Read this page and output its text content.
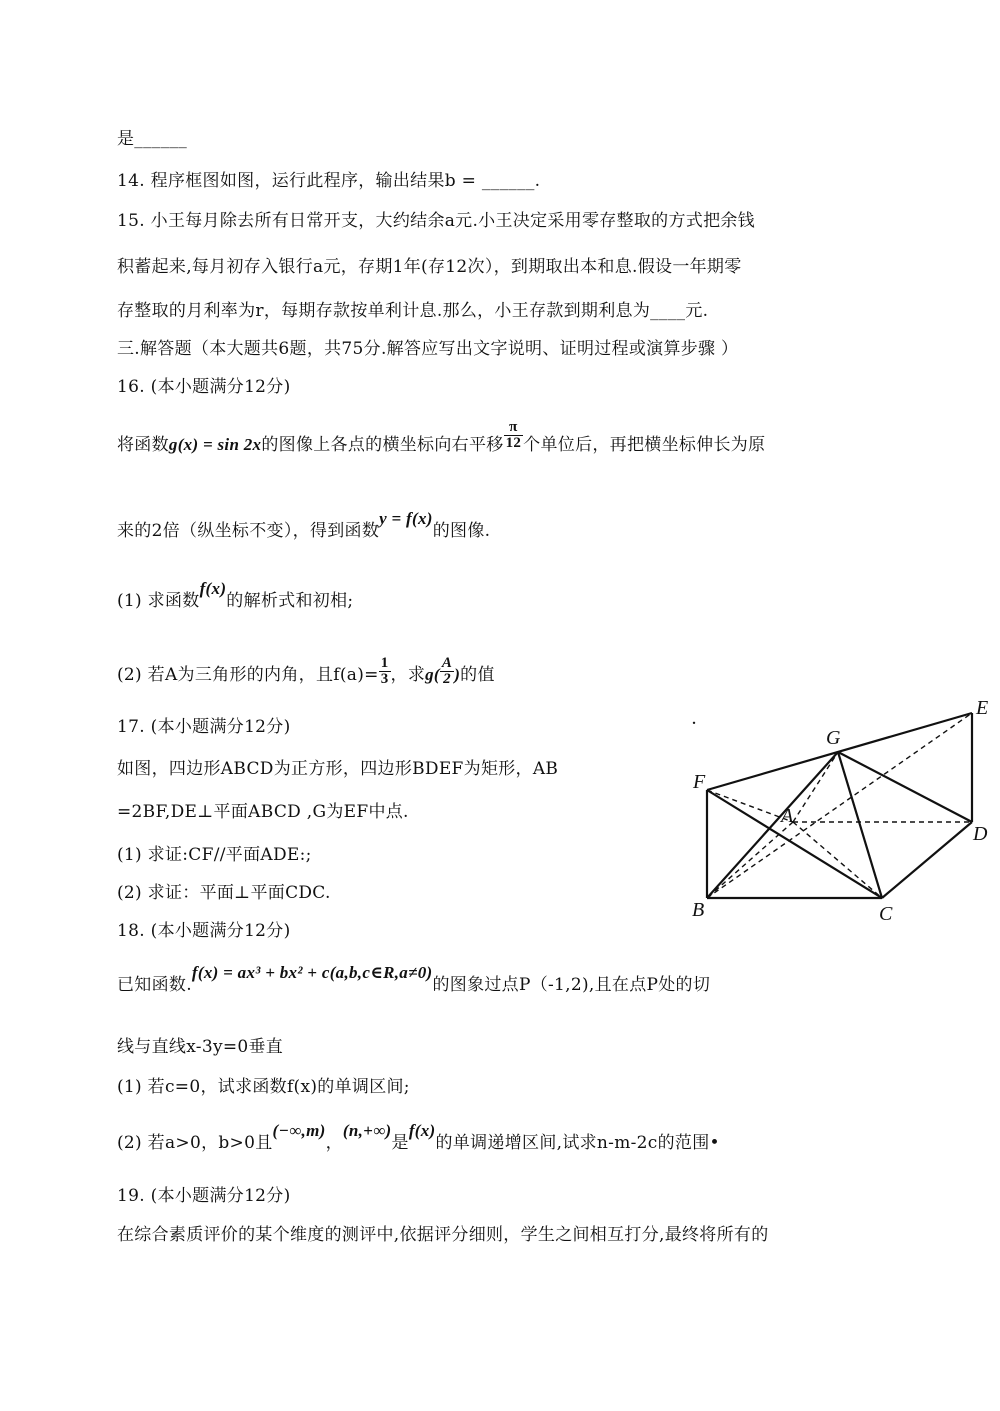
是______
14. 程序框图如图，运行此程序，输出结果b = ______.
15. 小王每月除去所有日常开支，大约结余a元.小王决定采用零存整取的方式把余钱
积蓄起来,每月初存入银行a元，存期1年(存12次），到期取出本和息.假设一年期零
存整取的月利率为r，每期存款按单利计息.那么，小王存款到期利息为____元.
三.解答题（本大题共6题，共75分.解答应写出文字说明、证明过程或演算步骤 ）
16. (本小题满分12分)
将函数g(x) = sin 2x的图像上各点的横坐标向右平移 $\frac{\pi}{12}$ 个单位后，再把横坐标伸长为原
来的2倍（纵坐标不变），得到函数y = f(x)的图像.
(1) 求函数f(x)的解析式和初相;
(2) 若A为三角形的内角，且$f(a)= \frac{1}{3}$ ，求$g( \frac{A}{2}$ )的值
17. (本小题满分12分)
如图，四边形ABCD为正方形，四边形BDEF为矩形，AB
=2BF,DE⊥平面ABCD ,G为EF中点.
(1) 求证:CF//平面ADE:;
(2) 求证：平面⊥平面CDC.
18. (本小题满分12分)
已知函数.f(x) = ax³ + bx² + c(a,b,c∈R,a≠0)的图象过点P（-1,2),且在点P处的切
线与直线x-3y=0垂直
(1) 若c=0，试求函数f(x)的单调区间;
(2) 若a>0，b>0且(−∞,m)，(n,+∞)是f(x)的单调递增区间,试求n-m-2c的范围•
19. (本小题满分12分)
在综合素质评价的某个维度的测评中,依据评分细则，学生之间相互打分,最终将所有的
.	E
G
F
A
D
B	C
